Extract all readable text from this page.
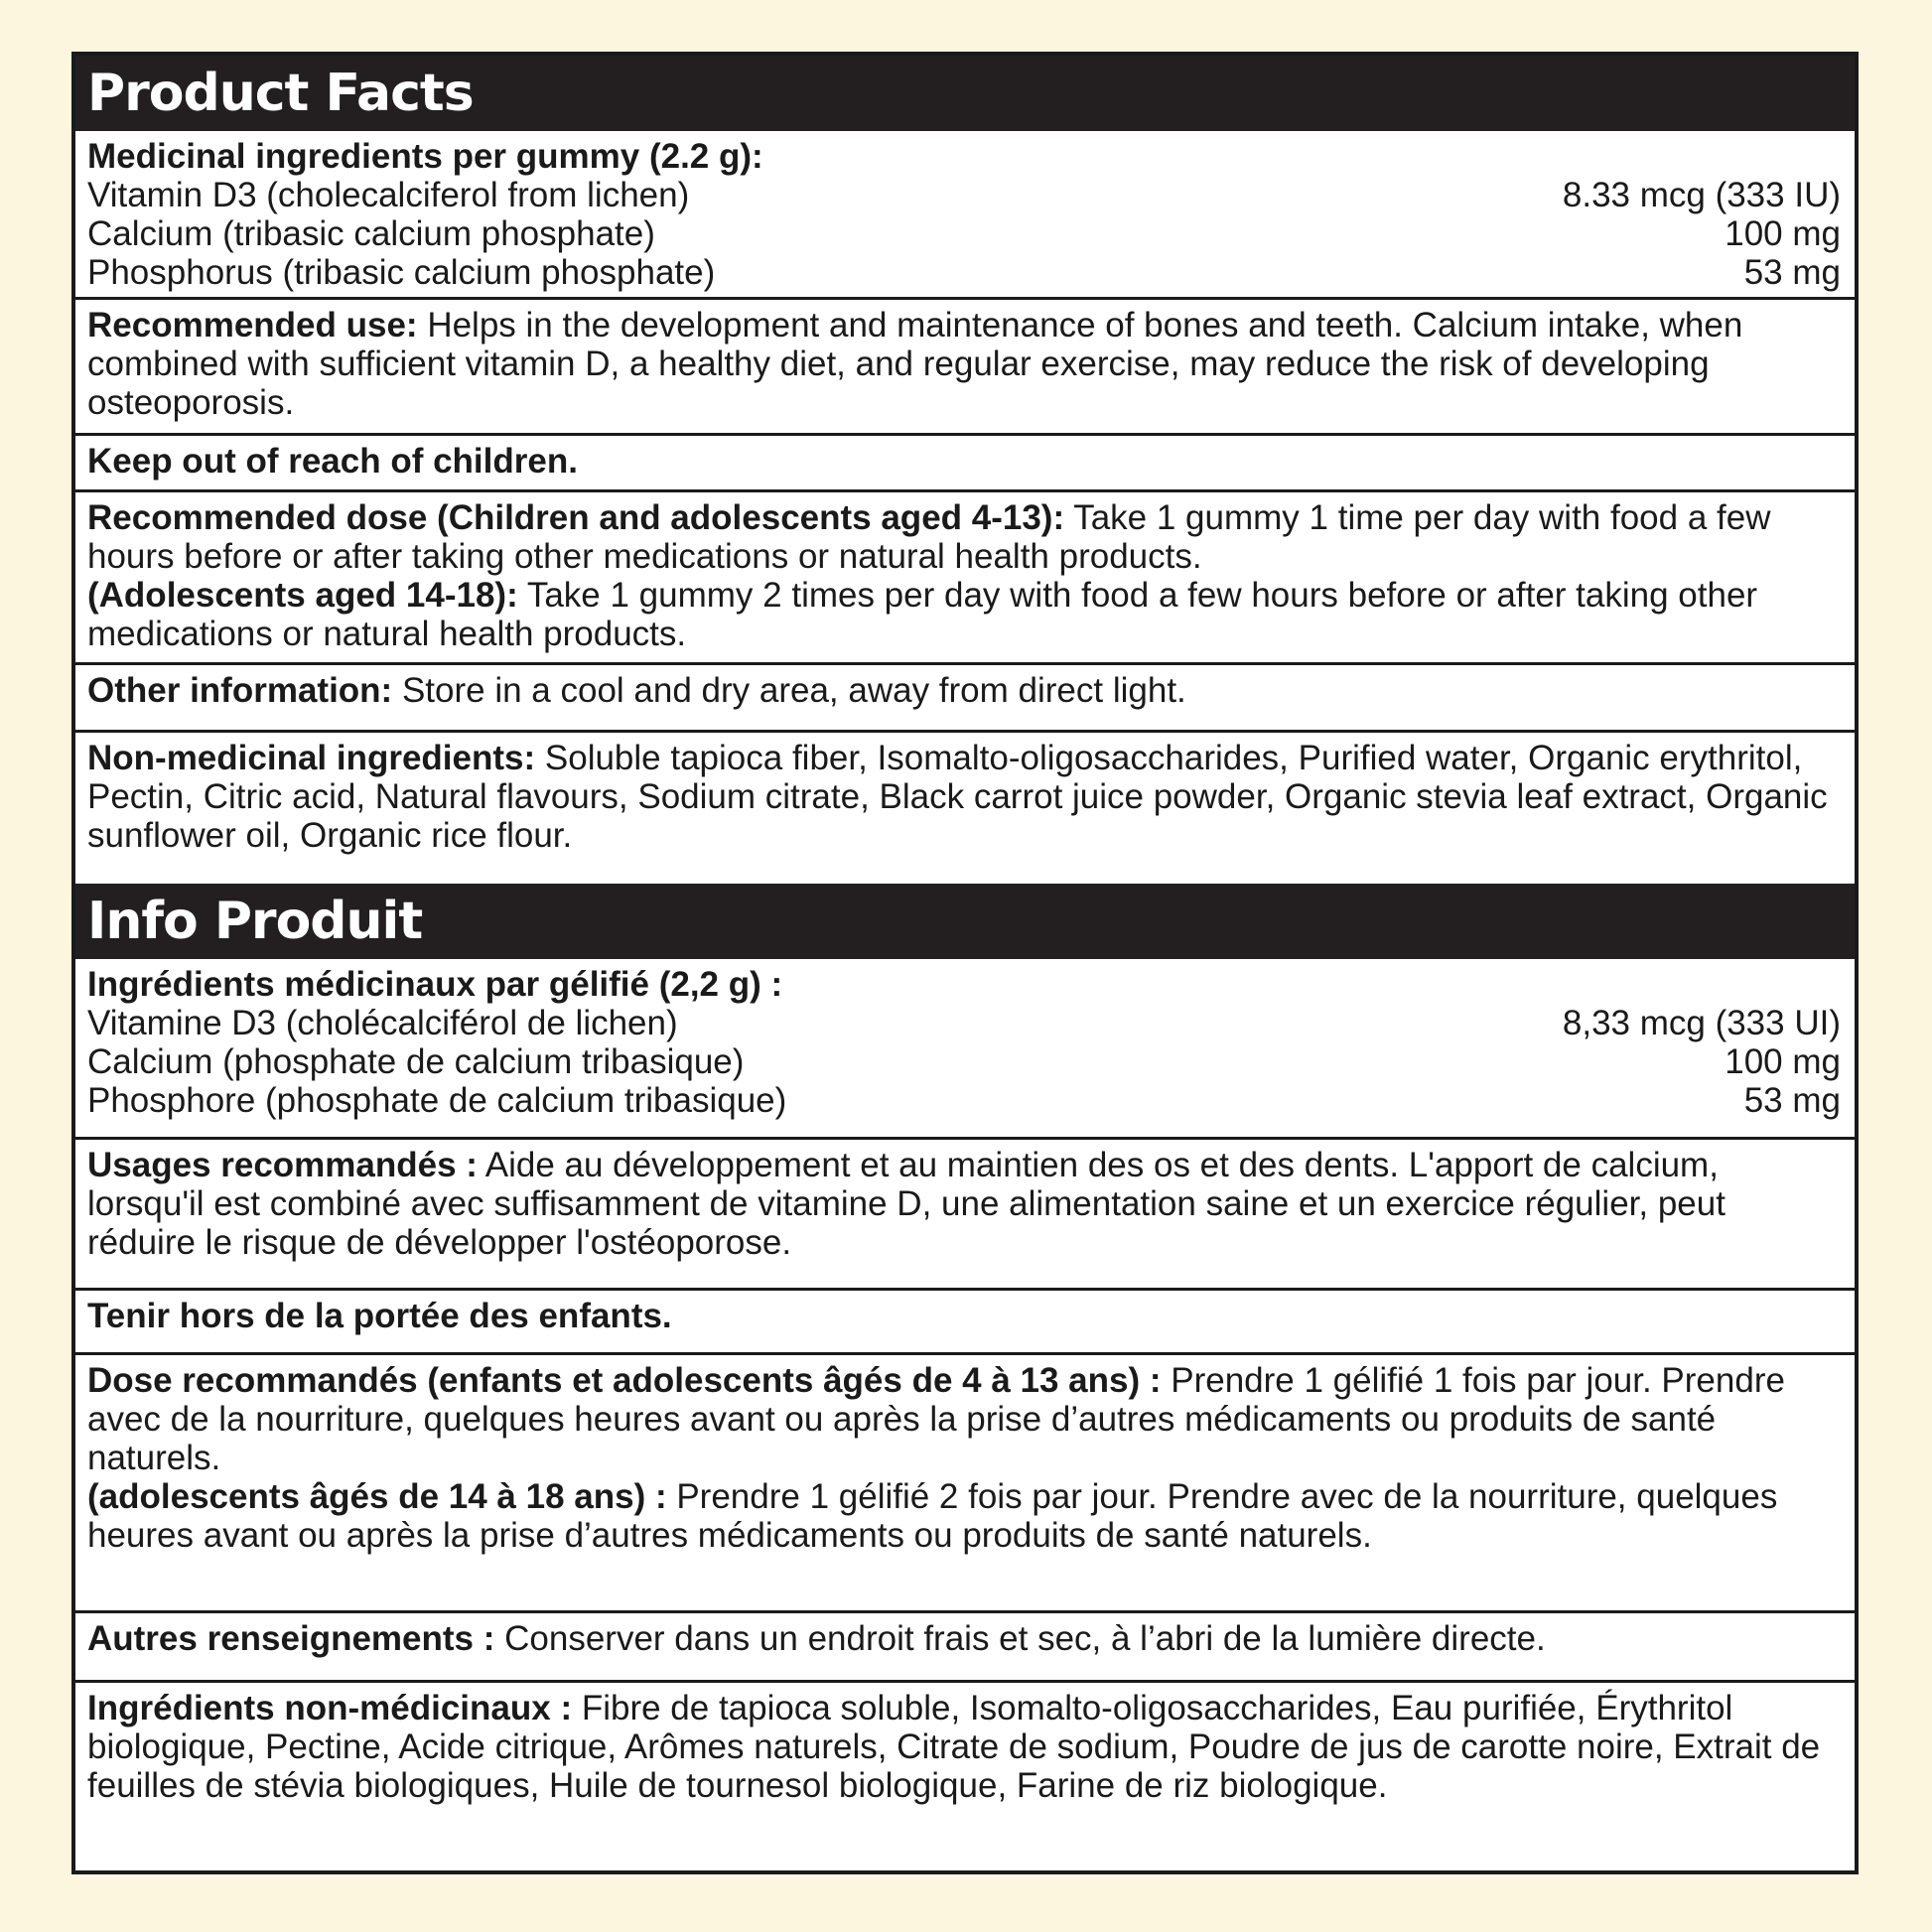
Product Facts
Medicinal ingredients per gummy (2.2 g):
Vitamin D3 (cholecalciferol from lichen)	8.33 mcg (333 IU)
Calcium (tribasic calcium phosphate)	100 mg
Phosphorus (tribasic calcium phosphate)	53 mg
Recommended use: Helps in the development and maintenance of bones and teeth. Calcium intake, when combined with sufficient vitamin D, a healthy diet, and regular exercise, may reduce the risk of developing osteoporosis.
Keep out of reach of children.
Recommended dose (Children and adolescents aged 4-13): Take 1 gummy 1 time per day with food a few hours before or after taking other medications or natural health products.
(Adolescents aged 14-18): Take 1 gummy 2 times per day with food a few hours before or after taking other medications or natural health products.
Other information: Store in a cool and dry area, away from direct light.
Non-medicinal ingredients: Soluble tapioca fiber, Isomalto-oligosaccharides, Purified water, Organic erythritol, Pectin, Citric acid, Natural flavours, Sodium citrate, Black carrot juice powder, Organic stevia leaf extract, Organic sunflower oil, Organic rice flour.
Info Produit
Ingrédients médicinaux par gélifié (2,2 g) :
Vitamine D3 (cholécalciférol de lichen)	8,33 mcg (333 UI)
Calcium (phosphate de calcium tribasique)	100 mg
Phosphore (phosphate de calcium tribasique)	53 mg
Usages recommandés : Aide au développement et au maintien des os et des dents. L'apport de calcium, lorsqu'il est combiné avec suffisamment de vitamine D, une alimentation saine et un exercice régulier, peut réduire le risque de développer l'ostéoporose.
Tenir hors de la portée des enfants.
Dose recommandés (enfants et adolescents âgés de 4 à 13 ans) : Prendre 1 gélifié 1 fois par jour. Prendre avec de la nourriture, quelques heures avant ou après la prise d’autres médicaments ou produits de santé naturels.
(adolescents âgés de 14 à 18 ans) : Prendre 1 gélifié 2 fois par jour. Prendre avec de la nourriture, quelques heures avant ou après la prise d’autres médicaments ou produits de santé naturels.
Autres renseignements : Conserver dans un endroit frais et sec, à l’abri de la lumière directe.
Ingrédients non-médicinaux : Fibre de tapioca soluble, Isomalto-oligosaccharides, Eau purifiée, Érythritol biologique, Pectine, Acide citrique, Arômes naturels, Citrate de sodium, Poudre de jus de carotte noire, Extrait de feuilles de stévia biologiques, Huile de tournesol biologique, Farine de riz biologique.
